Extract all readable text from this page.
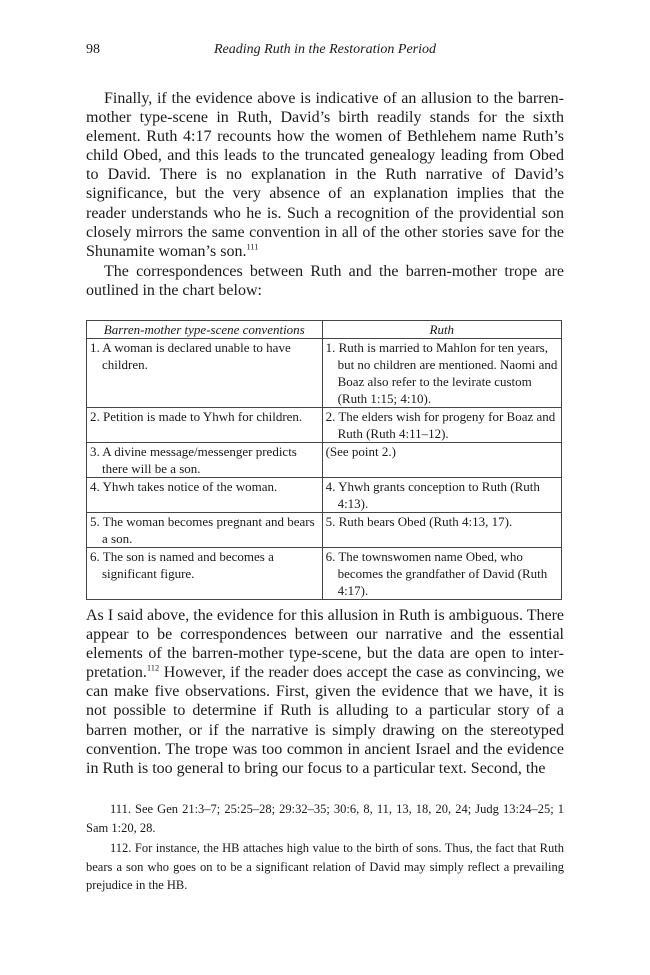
98	Reading Ruth in the Restoration Period

Finally, if the evidence above is indicative of an allusion to the barren-mother type-scene in Ruth, David’s birth readily stands for the sixth element. Ruth 4:17 recounts how the women of Bethlehem name Ruth’s child Obed, and this leads to the truncated genealogy leading from Obed to David. There is no explanation in the Ruth narrative of David’s significance, but the very absence of an explanation implies that the reader understands who he is. Such a recognition of the providential son closely mirrors the same convention in all of the other stories save for the Shunamite woman’s son.$^{111}$

The correspondences between Ruth and the barren-mother trope are outlined in the chart below:

Barren-mother type-scene conventions	Ruth

1. A woman is declared unable to have children.	1. Ruth is married to Mahlon for ten years, but no children are mentioned. Naomi and Boaz also refer to the levirate custom (Ruth 1:15; 4:10).

2. Petition is made to Yhwh for children.	2. The elders wish for progeny for Boaz and Ruth (Ruth 4:11–12).

3. A divine message/messenger predicts there will be a son.	(See point 2.)

4. Yhwh takes notice of the woman.	4. Yhwh grants conception to Ruth (Ruth 4:13).

5. The woman becomes pregnant and bears a son.	5. Ruth bears Obed (Ruth 4:13, 17).

6. The son is named and becomes a significant figure.	6. The townswomen name Obed, who becomes the grandfather of David (Ruth 4:17).

As I said above, the evidence for this allusion in Ruth is ambiguous. There appear to be correspondences between our narrative and the essential elements of the barren-mother type-scene, but the data are open to interpretation.$^{112}$ However, if the reader does accept the case as convincing, we can make five observations. First, given the evidence that we have, it is not possible to determine if Ruth is alluding to a particular story of a barren mother, or if the narrative is simply drawing on the stereotyped convention. The trope was too common in ancient Israel and the evidence in Ruth is too general to bring our focus to a particular text. Second, the

111. See Gen 21:3–7; 25:25–28; 29:32–35; 30:6, 8, 11, 13, 18, 20, 24; Judg 13:24–25; 1 Sam 1:20, 28.

112. For instance, the HB attaches high value to the birth of sons. Thus, the fact that Ruth bears a son who goes on to be a significant relation of David may simply reflect a prevailing prejudice in the HB.
